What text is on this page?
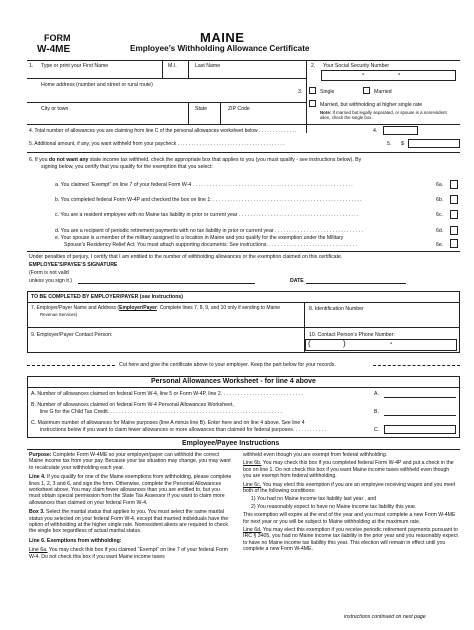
FORM
W-4ME
MAINE
Employee’s Withholding Allowance Certificate
1. Type or print your First Name	M.I.	Last Name	2. Your Social Security Number
-	-
Home address (number and street or rural route)
City or town	State	ZIP Code
3.	Single	Married
Married, but withholding at higher single rate
Note: If married but legally separated, or spouse is a nonresident
alien, check the single box.
4. Total number of allowances you are claiming from line C of the personal allowances worksheet below . . . . . . . . . . . . . .	4.
5. Additional amount, if any, you want withheld from your paycheck . . . . . . . . . . . . . . . . . . . . . . . . . . . . . . . . . . . . . . .	5. $
6. If you do not want any state income tax withheld, check the appropriate box that applies to you (you must qualify - see instructions below). By
signing below, you certify that you qualify for the exemption that you select:
a. You claimed “Exempt” on line 7 of your federal Form W-4 . . . . . . . . . . . . . . . . . . . . . . . . . . . . . . . . . . . . . . . . . . . . . . . . . . . . . . . .	6a.
b. You completed federal Form W-4P and checked the box on line 1: . . . . . . . . . . . . . . . . . . . . . . . . . . . . . . . . . . . . . . . . . . . . . . . . . . . .	6b.
c. You are a resident employee with no Maine tax liability in prior or current year . . . . . . . . . . . . . . . . . . . . . . . . . . . . . . . . . . . . . . . . . .	6c.
d. You are a recipient of periodic retirement payments with no tax liability in prior or current year . . . . . . . . . . . . . . . . . . . . . . . . . . . . . . .	6d.
e. Your spouse is a member of the military assigned to a location in Maine and you qualify for the exemption under the Military
Spouse’s Residency Relief Act. You must attach supporting documents. See instructions. . . . . . . . . . . . . . . . . . . . . . . . . . . . . . . .	6e.
Under penalties of perjury, I certify that I am entitled to the number of withholding allowances or the exemption claimed on this certificate.
EMPLOYEE’S/PAYEE’S SIGNATURE
(Form is not valid
unless you sign it.)	DATE
TO BE COMPLETED BY EMPLOYER/PAYER (see Instructions)
7. Employer/Payer Name and Address (Employer/Payer: Complete lines 7, 8, 9, and 10 only if sending to Maine
Revenue Services)
8. Identification Number
9. Employer/Payer Contact Person:	10. Contact Person’s Phone Number:
(	)	-
Cut here and give the certificate above to your employer. Keep the part below for your records.
Personal Allowances Worksheet - for line 4 above
A. Number of allowances claimed on federal Form W-4, line 5 or Form W-4P, line 2. . . . . . . . . . . . . . . . . . . . . . . . . . . . .	A.
B. Number of allowances claimed on federal Form W-4 Personal Allowances Worksheet,
line G for the Child Tax Credit. . . . . . . . . . . . . . . . . . . . . . . . . . . . . . . . . . . . . . . . . . . . . . . . . . . . . . . . . . . . .	B.
C. Maximum number of allowances for Maine purposes (line A minus line B). Enter here and on line 4 above. See line 4
instructions below if you want to claim fewer allowances or more allowances than claimed for federal purposes. . . . . . . . . . . .	C.
Employee/Payee Instructions

Purpose: Complete Form W-4ME so your employer/payer can withhold the correct Maine income tax from your pay. Because your tax situation may change, you may want to recalculate your withholding each year.

Line 4. If you qualify for one of the Maine exemptions from withholding, please complete lines 1, 2, 3 and 6, and sign the form. Otherwise, complete the Personal Allowances worksheet above. You may claim fewer allowances than you are entitled to, but you must obtain special permission from the State Tax Assessor if you want to claim more allowances than claimed on your federal Form W-4.

Box 3. Select the marital status that applies to you. You must select the same marital status you selected on your federal Form W-4, except that married individuals have the option of withholding at the higher single rate. Nonresident aliens are required to check the single box regardless of actual marital status.

Line 6. Exemptions from withholding:

Line 6a. You may check this box if you claimed “Exempt” on line 7 of your federal Form W-4. Do not check this box if you want Maine income taxes

withheld even though you are exempt from federal withholding.

Line 6b. You may check this box if you completed federal Form W-4P and put a check in the box on line 1. Do not check this box if you want Maine income taxes withheld even though you are exempt from federal withholding.

Line 6c. You may elect this exemption if you are an employee receiving wages and you meet both of the following conditions:

1) You had no Maine income tax liability last year , and

2) You reasonably expect to have no Maine income tax liability this year.

This exemption will expire at the end of the year and you must complete a new Form W-4ME for next year or you will be subject to Maine withholding at the maximum rate.

Line 6d. You may elect this exemption if you receive periodic retirement payments pursuant to IRC § 3405, you had no Maine income tax liability in the prior year and you reasonably expect to have no Maine income tax liability this year. This election will remain in effect until you complete a new Form W-4ME.

instructions continued on next page
